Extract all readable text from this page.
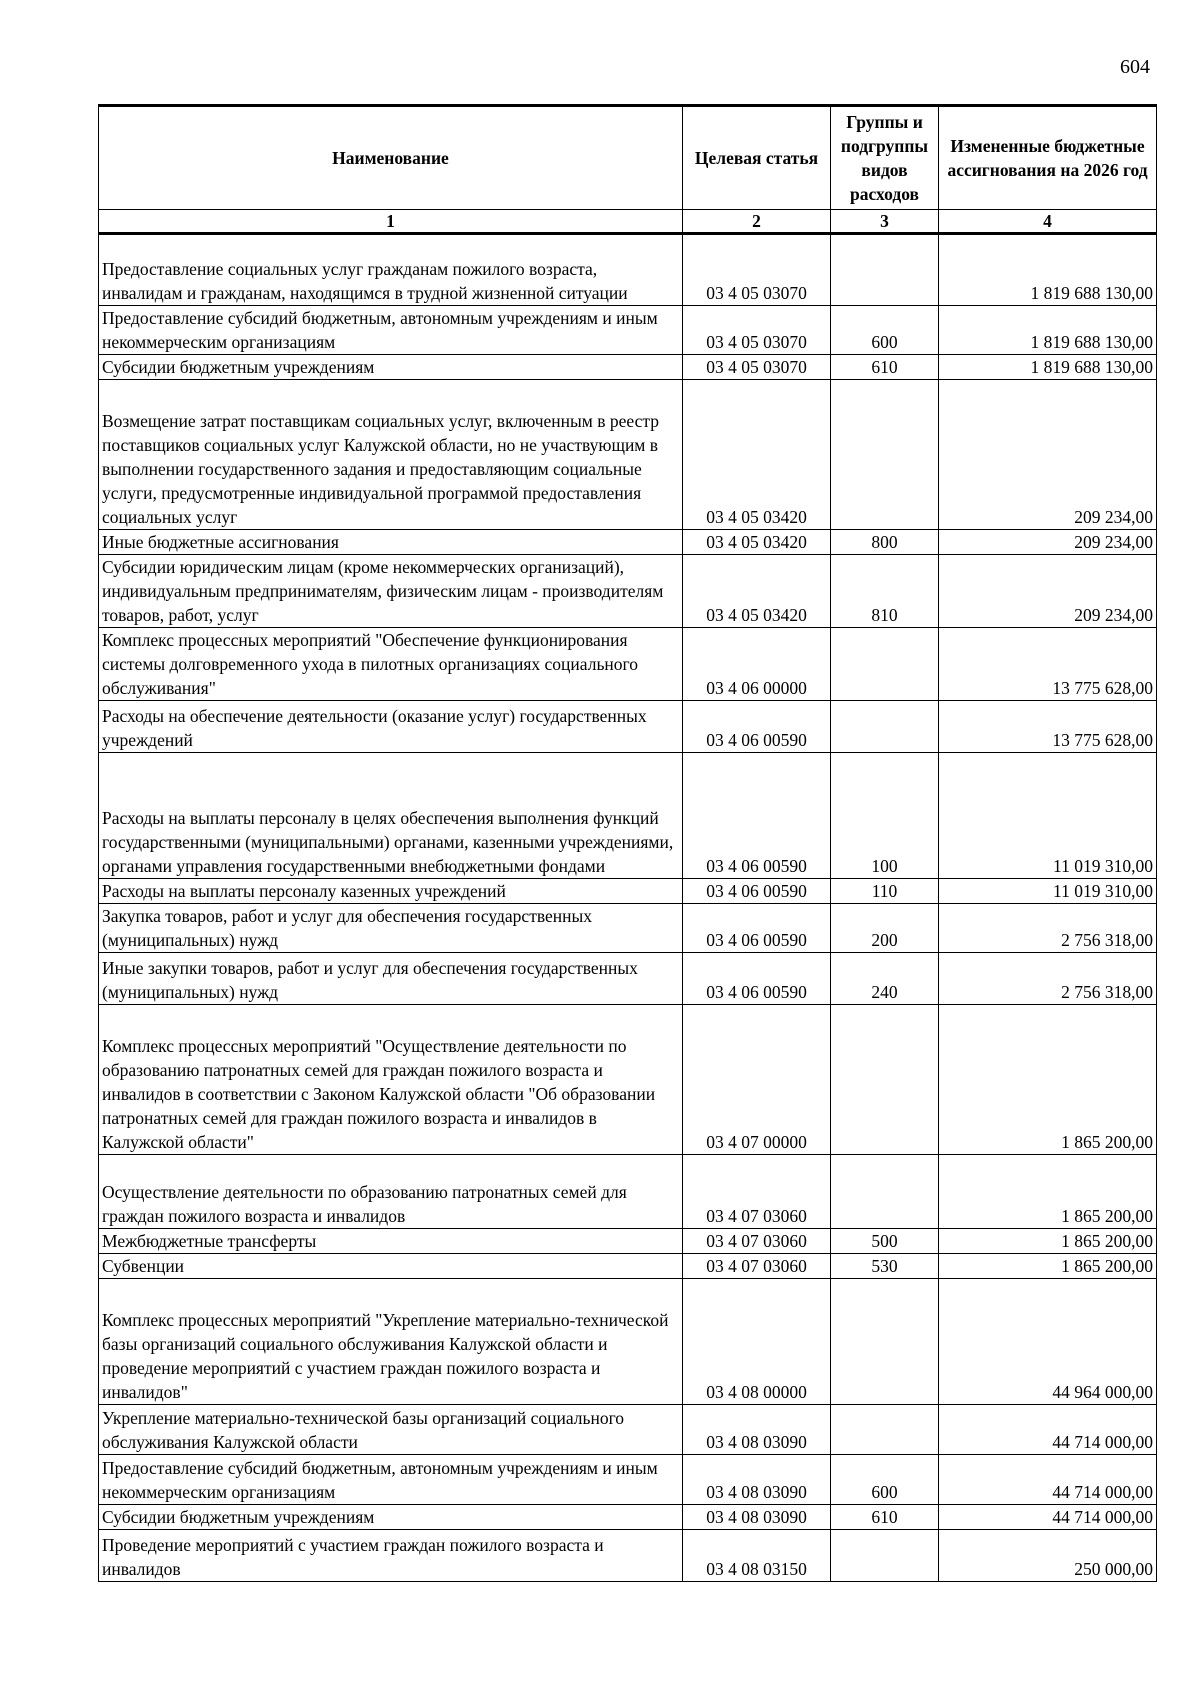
604
Наименование	Целевая статья	Группы и подгруппы видов расходов	Измененные бюджетные ассигнования на 2026 год
1	2	3	4
Предоставление социальных услуг гражданам пожилого возраста, инвалидам и гражданам, находящимся в трудной жизненной ситуации	03 4 05 03070		1 819 688 130,00
Предоставление субсидий бюджетным, автономным учреждениям и иным некоммерческим организациям	03 4 05 03070	600	1 819 688 130,00
Субсидии бюджетным учреждениям	03 4 05 03070	610	1 819 688 130,00
Возмещение затрат поставщикам социальных услуг, включенным в реестр поставщиков социальных услуг Калужской области, но не участвующим в выполнении государственного задания и предоставляющим социальные услуги, предусмотренные индивидуальной программой предоставления социальных услуг	03 4 05 03420		209 234,00
Иные бюджетные ассигнования	03 4 05 03420	800	209 234,00
Субсидии юридическим лицам (кроме некоммерческих организаций), индивидуальным предпринимателям, физическим лицам - производителям товаров, работ, услуг	03 4 05 03420	810	209 234,00
Комплекс процессных мероприятий "Обеспечение функционирования системы долговременного ухода в пилотных организациях социального обслуживания"	03 4 06 00000		13 775 628,00
Расходы на обеспечение деятельности (оказание услуг) государственных учреждений	03 4 06 00590		13 775 628,00
Расходы на выплаты персоналу в целях обеспечения выполнения функций государственными (муниципальными) органами, казенными учреждениями, органами управления государственными внебюджетными фондами	03 4 06 00590	100	11 019 310,00
Расходы на выплаты персоналу казенных учреждений	03 4 06 00590	110	11 019 310,00
Закупка товаров, работ и услуг для обеспечения государственных (муниципальных) нужд	03 4 06 00590	200	2 756 318,00
Иные закупки товаров, работ и услуг для обеспечения государственных (муниципальных) нужд	03 4 06 00590	240	2 756 318,00
Комплекс процессных мероприятий "Осуществление деятельности по образованию патронатных семей для граждан пожилого возраста и инвалидов в соответствии с Законом Калужской области "Об образовании патронатных семей для граждан пожилого возраста и инвалидов в Калужской области"	03 4 07 00000		1 865 200,00
Осуществление деятельности по образованию патронатных семей для граждан пожилого возраста и инвалидов	03 4 07 03060		1 865 200,00
Межбюджетные трансферты	03 4 07 03060	500	1 865 200,00
Субвенции	03 4 07 03060	530	1 865 200,00
Комплекс процессных мероприятий "Укрепление материально-технической базы организаций социального обслуживания Калужской области и проведение мероприятий с участием граждан пожилого возраста и инвалидов"	03 4 08 00000		44 964 000,00
Укрепление материально-технической базы организаций социального обслуживания Калужской области	03 4 08 03090		44 714 000,00
Предоставление субсидий бюджетным, автономным учреждениям и иным некоммерческим организациям	03 4 08 03090	600	44 714 000,00
Субсидии бюджетным учреждениям	03 4 08 03090	610	44 714 000,00
Проведение мероприятий с участием граждан пожилого возраста и инвалидов	03 4 08 03150		250 000,00
